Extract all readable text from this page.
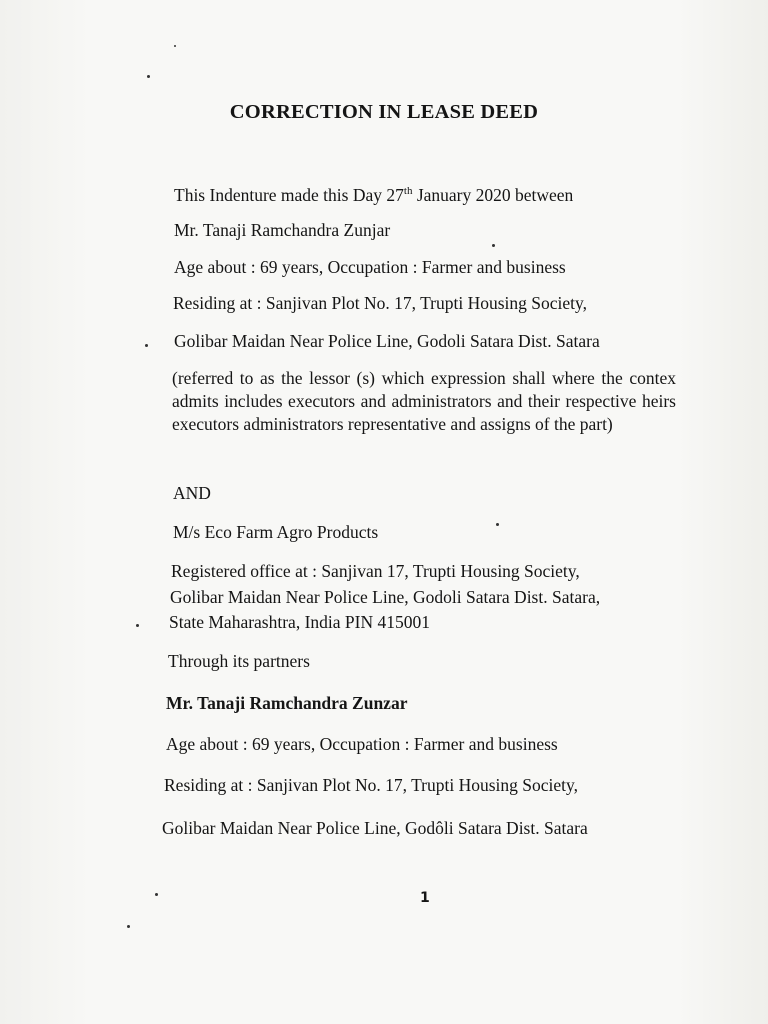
CORRECTION IN LEASE DEED

This Indenture made this Day 27th January 2020 between

Mr. Tanaji Ramchandra Zunjar

Age about : 69 years, Occupation : Farmer and business

Residing at : Sanjivan Plot No. 17, Trupti Housing Society,

Golibar Maidan Near Police Line, Godoli Satara Dist. Satara

(referred to as the lessor (s) which expression shall where the contex admits includes executors and administrators and their respective heirs executors administrators representative and assigns of the part)

AND

M/s Eco Farm Agro Products

Registered office at : Sanjivan 17, Trupti Housing Society,

Golibar Maidan Near Police Line, Godoli Satara Dist. Satara,

State Maharashtra, India PIN 415001

Through its partners

Mr. Tanaji Ramchandra Zunzar

Age about : 69 years, Occupation : Farmer and business

Residing at : Sanjivan Plot No. 17, Trupti Housing Society,

Golibar Maidan Near Police Line, Godôli Satara Dist. Satara

1
